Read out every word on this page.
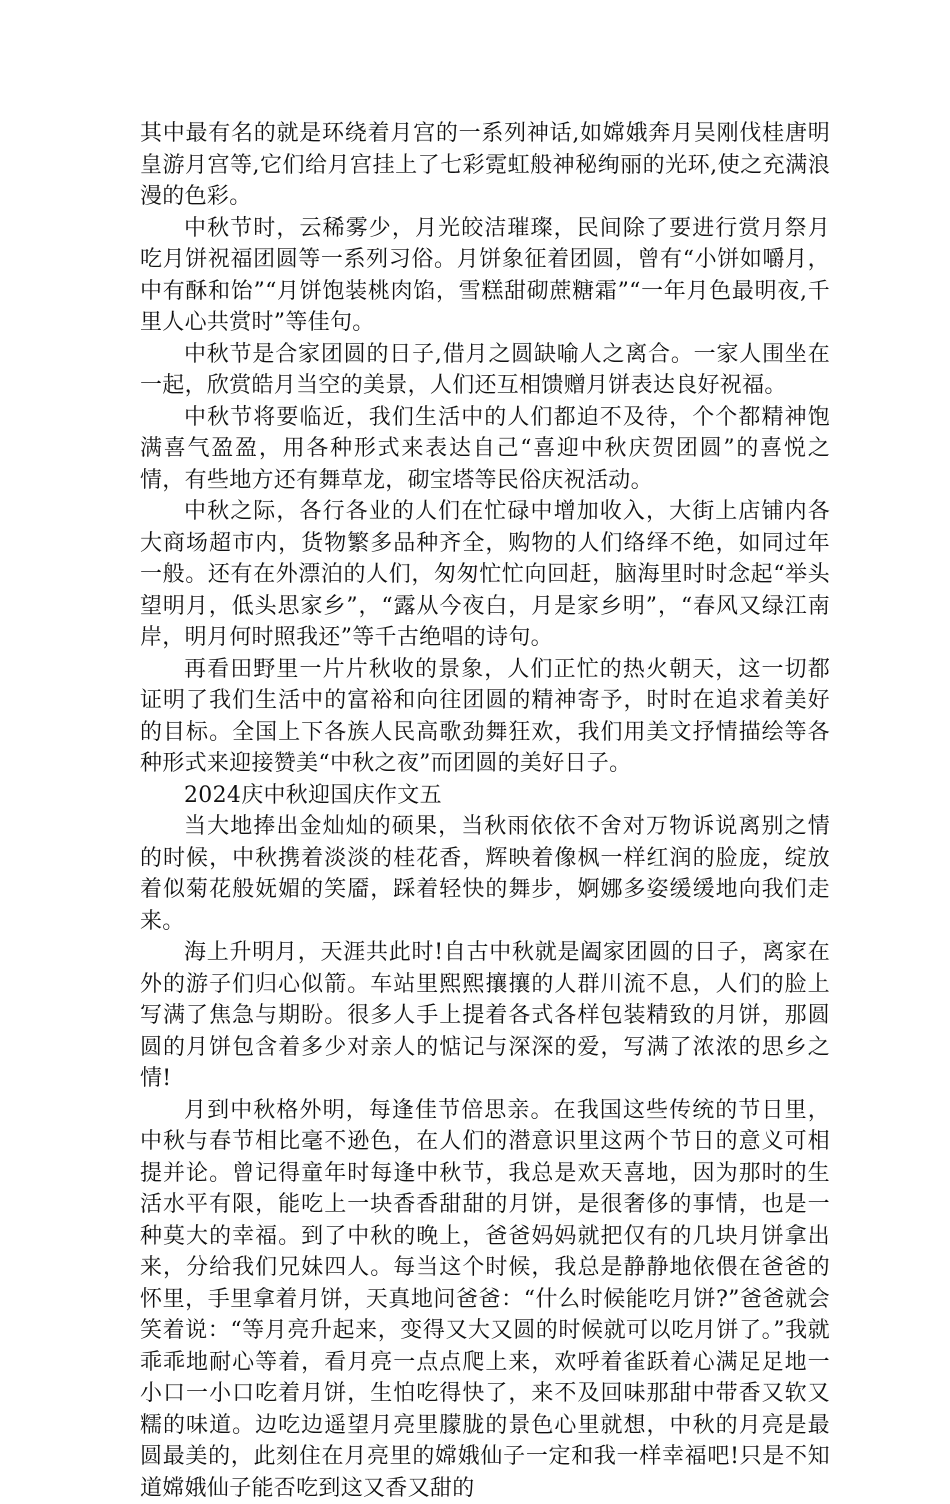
其中最有名的就是环绕着月宫的一系列神话,如嫦娥奔月吴刚伐桂唐明皇游月宫等,它们给月宫挂上了七彩霓虹般神秘绚丽的光环,使之充满浪漫的色彩。

中秋节时，云稀雾少，月光皎洁璀璨，民间除了要进行赏月祭月吃月饼祝福团圆等一系列习俗。月饼象征着团圆，曾有“小饼如嚼月，中有酥和饴”“月饼饱装桃肉馅，雪糕甜砌蔗糖霜”“一年月色最明夜,千里人心共赏时”等佳句。

中秋节是合家团圆的日子,借月之圆缺喻人之离合。一家人围坐在一起，欣赏皓月当空的美景，人们还互相馈赠月饼表达良好祝福。

中秋节将要临近，我们生活中的人们都迫不及待，个个都精神饱满喜气盈盈，用各种形式来表达自己“喜迎中秋庆贺团圆”的喜悦之情，有些地方还有舞草龙，砌宝塔等民俗庆祝活动。

中秋之际，各行各业的人们在忙碌中增加收入，大街上店铺内各大商场超市内，货物繁多品种齐全，购物的人们络绎不绝，如同过年一般。还有在外漂泊的人们，匆匆忙忙向回赶，脑海里时时念起“举头望明月，低头思家乡”，“露从今夜白，月是家乡明”，“春风又绿江南岸，明月何时照我还”等千古绝唱的诗句。

再看田野里一片片秋收的景象，人们正忙的热火朝天，这一切都证明了我们生活中的富裕和向往团圆的精神寄予，时时在追求着美好的目标。全国上下各族人民高歌劲舞狂欢，我们用美文抒情描绘等各种形式来迎接赞美“中秋之夜”而团圆的美好日子。

2024庆中秋迎国庆作文五

当大地捧出金灿灿的硕果，当秋雨依依不舍对万物诉说离别之情的时候，中秋携着淡淡的桂花香，辉映着像枫一样红润的脸庞，绽放着似菊花般妩媚的笑靥，踩着轻快的舞步，婀娜多姿缓缓地向我们走来。

海上升明月，天涯共此时!自古中秋就是阖家团圆的日子，离家在外的游子们归心似箭。车站里熙熙攘攘的人群川流不息，人们的脸上写满了焦急与期盼。很多人手上提着各式各样包装精致的月饼，那圆圆的月饼包含着多少对亲人的惦记与深深的爱，写满了浓浓的思乡之情!

月到中秋格外明，每逢佳节倍思亲。在我国这些传统的节日里，中秋与春节相比毫不逊色，在人们的潜意识里这两个节日的意义可相提并论。曾记得童年时每逢中秋节，我总是欢天喜地，因为那时的生活水平有限，能吃上一块香香甜甜的月饼，是很奢侈的事情，也是一种莫大的幸福。到了中秋的晚上，爸爸妈妈就把仅有的几块月饼拿出来，分给我们兄妹四人。每当这个时候，我总是静静地依偎在爸爸的怀里，手里拿着月饼，天真地问爸爸：“什么时候能吃月饼?”爸爸就会笑着说：“等月亮升起来，变得又大又圆的时候就可以吃月饼了。”我就乖乖地耐心等着，看月亮一点点爬上来，欢呼着雀跃着心满足足地一小口一小口吃着月饼，生怕吃得快了，来不及回味那甜中带香又软又糯的味道。边吃边遥望月亮里朦胧的景色心里就想，中秋的月亮是最圆最美的，此刻住在月亮里的嫦娥仙子一定和我一样幸福吧!只是不知道嫦娥仙子能否吃到这又香又甜的
